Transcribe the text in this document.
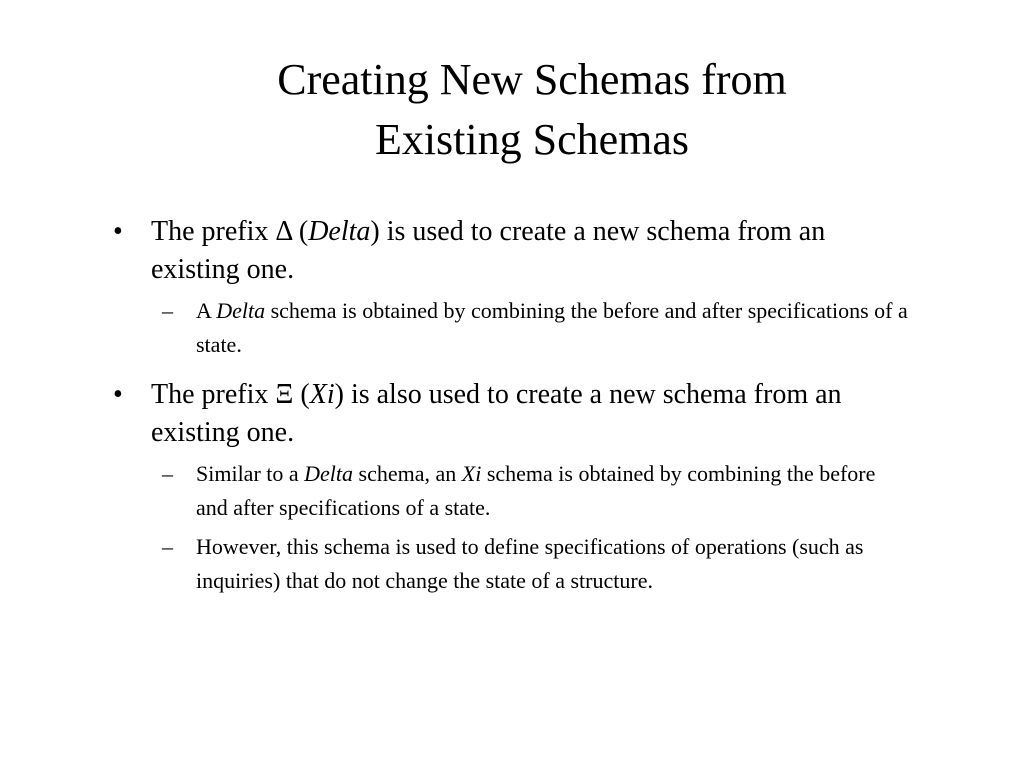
Creating New Schemas from
Existing Schemas
• The prefix Δ (Delta) is used to create a new schema from an existing one.
– A Delta schema is obtained by combining the before and after specifications of a state.
• The prefix Ξ (Xi) is also used to create a new schema from an existing one.
– Similar to a Delta schema, an Xi schema is obtained by combining the before and after specifications of a state.
– However, this schema is used to define specifications of operations (such as inquiries) that do not change the state of a structure.
